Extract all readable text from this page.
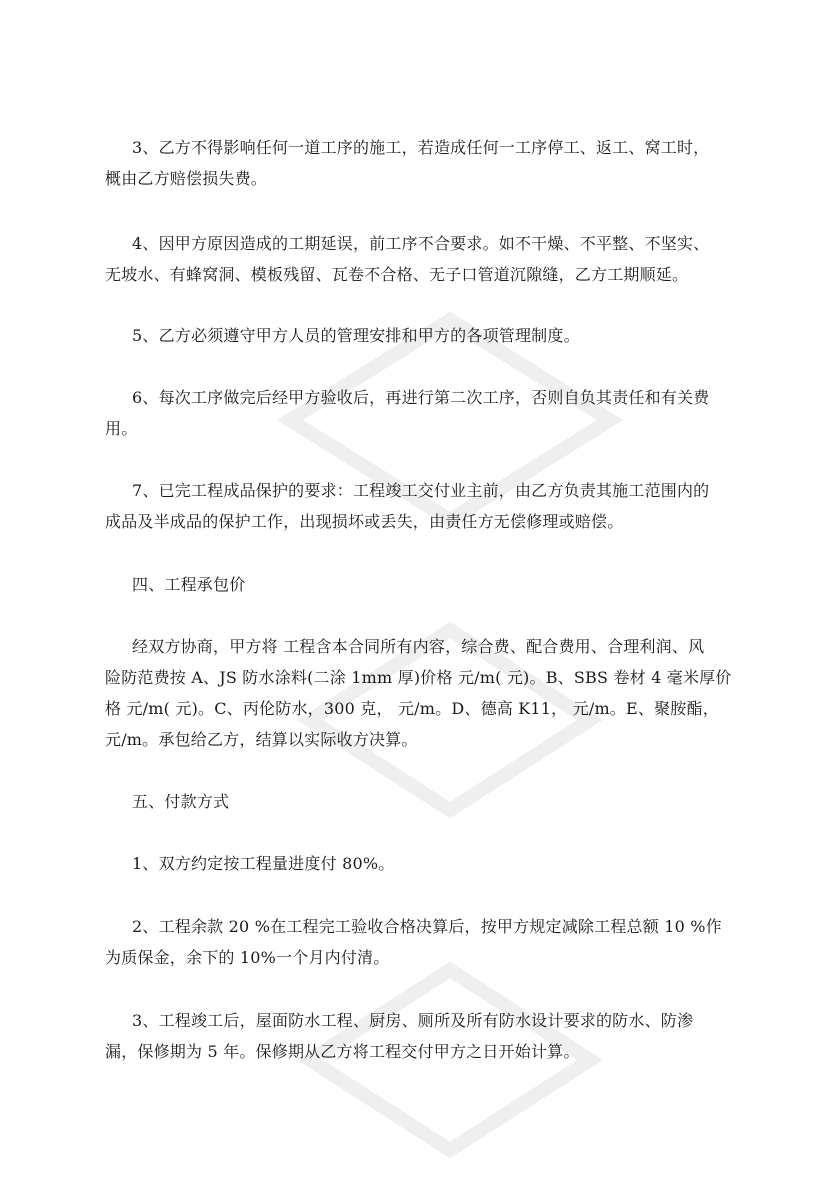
3、乙方不得影响任何一道工序的施工，若造成任何一工序停工、返工、窝工时，
概由乙方赔偿损失费。
4、因甲方原因造成的工期延误，前工序不合要求。如不干燥、不平整、不坚实、
无坡水、有蜂窝洞、模板残留、瓦卷不合格、无子口管道沉隙缝，乙方工期顺延。
5、乙方必须遵守甲方人员的管理安排和甲方的各项管理制度。
6、每次工序做完后经甲方验收后，再进行第二次工序，否则自负其责任和有关费
用。
7、已完工程成品保护的要求：工程竣工交付业主前，由乙方负责其施工范围内的
成品及半成品的保护工作，出现损坏或丢失，由责任方无偿修理或赔偿。
四、工程承包价
经双方协商，甲方将 工程含本合同所有内容，综合费、配合费用、合理利润、风
险防范费按 A、JS 防水涂料(二涂 1mm 厚)价格 元/m( 元)。B、SBS 卷材 4 毫米厚价
格 元/m( 元)。C、丙伦防水，300 克， 元/m。D、德高 K11， 元/m。E、聚胺酯，
元/m。承包给乙方，结算以实际收方决算。
五、付款方式
1、双方约定按工程量进度付 80%。
2、工程余款 20 %在工程完工验收合格决算后，按甲方规定减除工程总额 10 %作
为质保金，余下的 10%一个月内付清。
3、工程竣工后，屋面防水工程、厨房、厕所及所有防水设计要求的防水、防渗
漏，保修期为 5 年。保修期从乙方将工程交付甲方之日开始计算。
